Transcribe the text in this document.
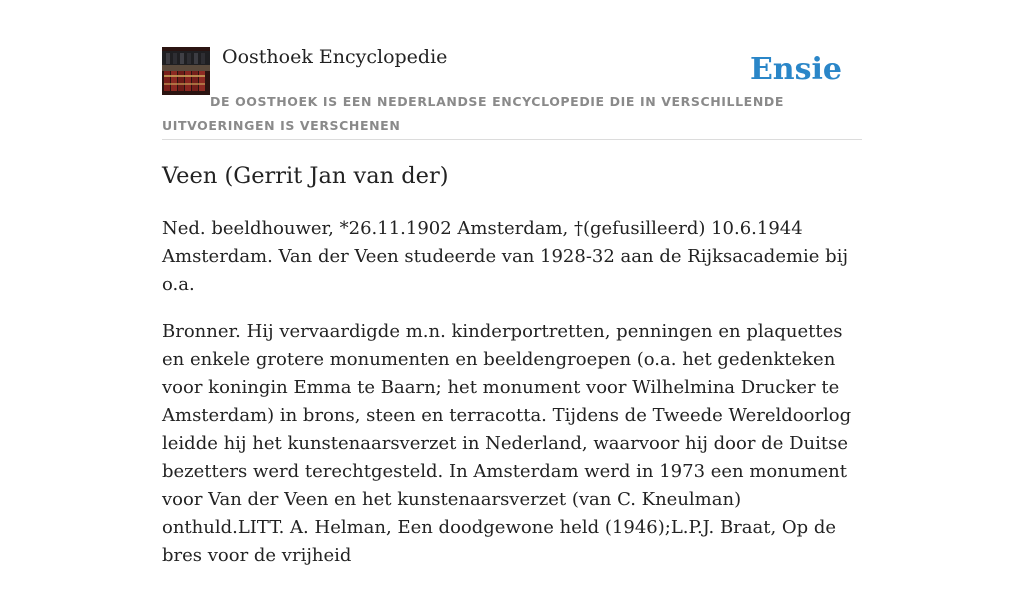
Oosthoek Encyclopedie	Ensie
DE OOSTHOEK IS EEN NEDERLANDSE ENCYCLOPEDIE DIE IN VERSCHILLENDE UITVOERINGEN IS VERSCHENEN
Veen (Gerrit Jan van der)

Ned. beeldhouwer, *26.11.1902 Amsterdam, †(gefusilleerd) 10.6.1944 Amsterdam. Van der Veen studeerde van 1928-32 aan de Rijksacademie bij o.a.

Bronner. Hij vervaardigde m.n. kinderportretten, penningen en plaquettes en enkele grotere monumenten en beeldengroepen (o.a. het gedenkteken voor koningin Emma te Baarn; het monument voor Wilhelmina Drucker te Amsterdam) in brons, steen en terracotta. Tijdens de Tweede Wereldoorlog leidde hij het kunstenaarsverzet in Nederland, waarvoor hij door de Duitse bezetters werd terechtgesteld. In Amsterdam werd in 1973 een monument voor Van der Veen en het kunstenaarsverzet (van C. Kneulman) onthuld.LITT. A. Helman, Een doodgewone held (1946);L.P.J. Braat, Op de bres voor de vrijheid
